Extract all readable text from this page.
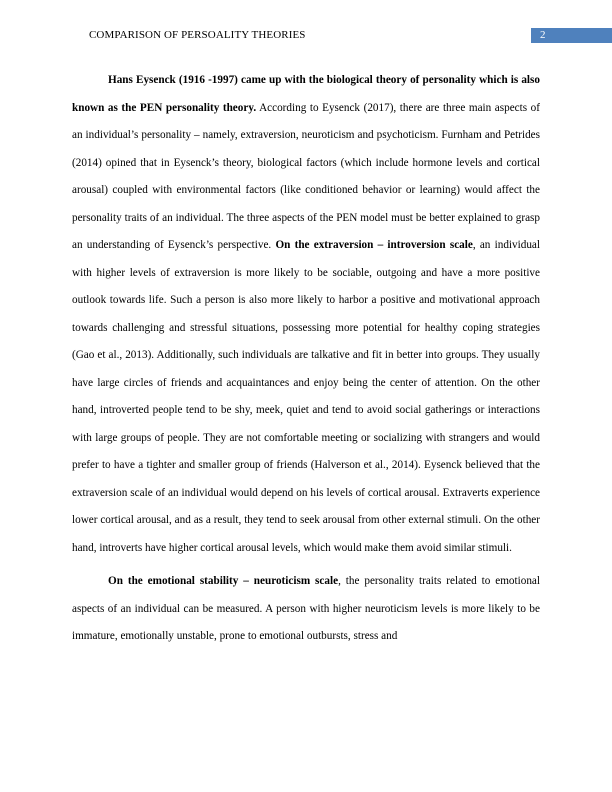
COMPARISON OF PERSOALITY THEORIES	2

Hans Eysenck (1916 -1997) came up with the biological theory of personality which is also known as the PEN personality theory. According to Eysenck (2017), there are three main aspects of an individual’s personality – namely, extraversion, neuroticism and psychoticism. Furnham and Petrides (2014) opined that in Eysenck’s theory, biological factors (which include hormone levels and cortical arousal) coupled with environmental factors (like conditioned behavior or learning) would affect the personality traits of an individual. The three aspects of the PEN model must be better explained to grasp an understanding of Eysenck’s perspective. On the extraversion – introversion scale, an individual with higher levels of extraversion is more likely to be sociable, outgoing and have a more positive outlook towards life. Such a person is also more likely to harbor a positive and motivational approach towards challenging and stressful situations, possessing more potential for healthy coping strategies (Gao et al., 2013). Additionally, such individuals are talkative and fit in better into groups. They usually have large circles of friends and acquaintances and enjoy being the center of attention. On the other hand, introverted people tend to be shy, meek, quiet and tend to avoid social gatherings or interactions with large groups of people. They are not comfortable meeting or socializing with strangers and would prefer to have a tighter and smaller group of friends (Halverson et al., 2014). Eysenck believed that the extraversion scale of an individual would depend on his levels of cortical arousal. Extraverts experience lower cortical arousal, and as a result, they tend to seek arousal from other external stimuli. On the other hand, introverts have higher cortical arousal levels, which would make them avoid similar stimuli.

On the emotional stability – neuroticism scale, the personality traits related to emotional aspects of an individual can be measured. A person with higher neuroticism levels is more likely to be immature, emotionally unstable, prone to emotional outbursts, stress and
